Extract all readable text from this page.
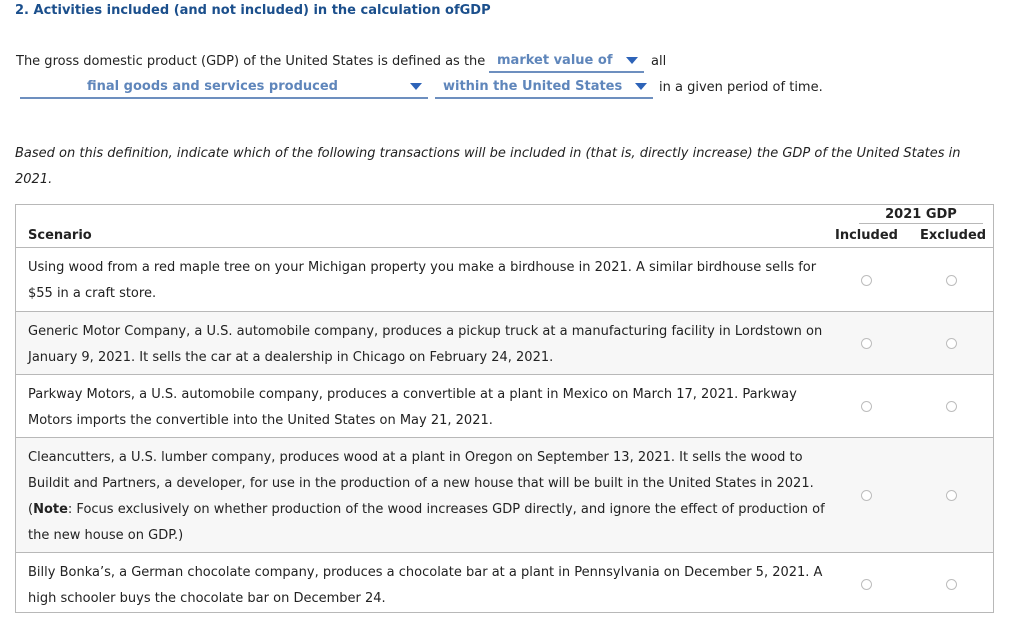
2. Activities included (and not included) in the calculation ofGDP
The gross domestic product (GDP) of the United States is defined as the market value of	all
final goods and services produced	within the United States	in a given period of time.
Based on this definition, indicate which of the following transactions will be included in (that is, directly increase) the GDP of the United States in 2021.
Scenario
2021 GDP
Included Excluded
Using wood from a red maple tree on your Michigan property you make a birdhouse in 2021. A similar birdhouse sells for $55 in a craft store.
Generic Motor Company, a U.S. automobile company, produces a pickup truck at a manufacturing facility in Lordstown on January 9, 2021. It sells the car at a dealership in Chicago on February 24, 2021.
Parkway Motors, a U.S. automobile company, produces a convertible at a plant in Mexico on March 17, 2021. Parkway Motors imports the convertible into the United States on May 21, 2021.
Cleancutters, a U.S. lumber company, produces wood at a plant in Oregon on September 13, 2021. It sells the wood to Buildit and Partners, a developer, for use in the production of a new house that will be built in the United States in 2021. (Note: Focus exclusively on whether production of the wood increases GDP directly, and ignore the effect of production of the new house on GDP.)
Billy Bonka’s, a German chocolate company, produces a chocolate bar at a plant in Pennsylvania on December 5, 2021. A high schooler buys the chocolate bar on December 24.
